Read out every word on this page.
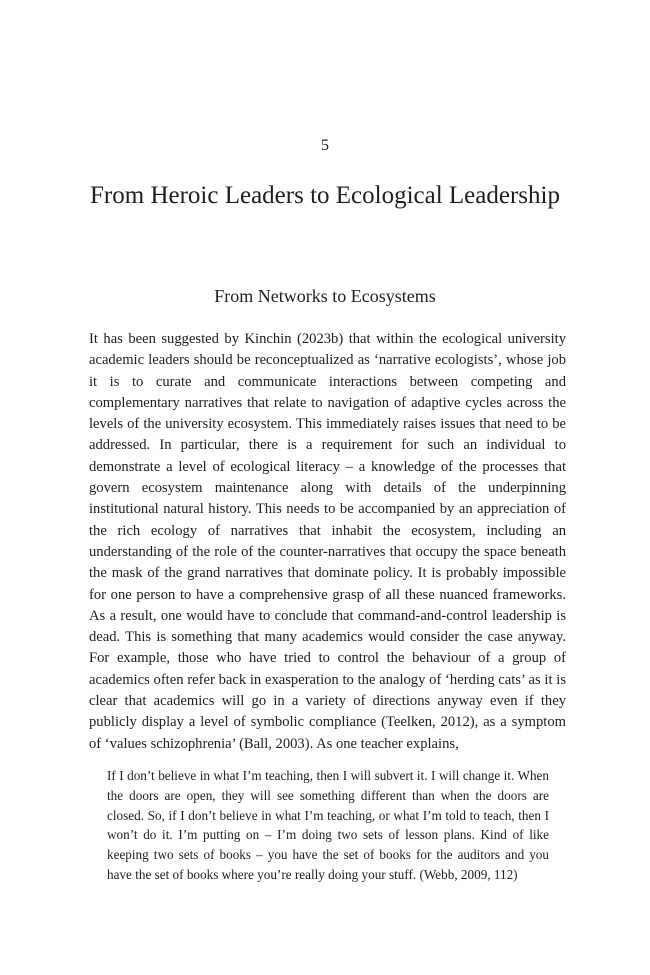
5
From Heroic Leaders to Ecological Leadership
From Networks to Ecosystems

It has been suggested by Kinchin (2023b) that within the ecological university academic leaders should be reconceptualized as ‘narrative ecologists’, whose job it is to curate and communicate interactions between competing and complementary narratives that relate to navigation of adaptive cycles across the levels of the university ecosystem. This immediately raises issues that need to be addressed. In particular, there is a requirement for such an individual to demonstrate a level of ecological literacy – a knowledge of the processes that govern ecosystem maintenance along with details of the underpinning institutional natural history. This needs to be accompanied by an appreciation of the rich ecology of narratives that inhabit the ecosystem, including an understanding of the role of the counter-narratives that occupy the space beneath the mask of the grand narratives that dominate policy. It is probably impossible for one person to have a comprehensive grasp of all these nuanced frameworks. As a result, one would have to conclude that command-and-control leadership is dead. This is something that many academics would consider the case anyway. For example, those who have tried to control the behaviour of a group of academics often refer back in exasperation to the analogy of ‘herding cats’ as it is clear that academics will go in a variety of directions anyway even if they publicly display a level of symbolic compliance (Teelken, 2012), as a symptom of ‘values schizophrenia’ (Ball, 2003). As one teacher explains,

If I don’t believe in what I’m teaching, then I will subvert it. I will change it. When the doors are open, they will see something different than when the doors are closed. So, if I don’t believe in what I’m teaching, or what I’m told to teach, then I won’t do it. I’m putting on – I’m doing two sets of lesson plans. Kind of like keeping two sets of books – you have the set of books for the auditors and you have the set of books where you’re really doing your stuff. (Webb, 2009, 112)
